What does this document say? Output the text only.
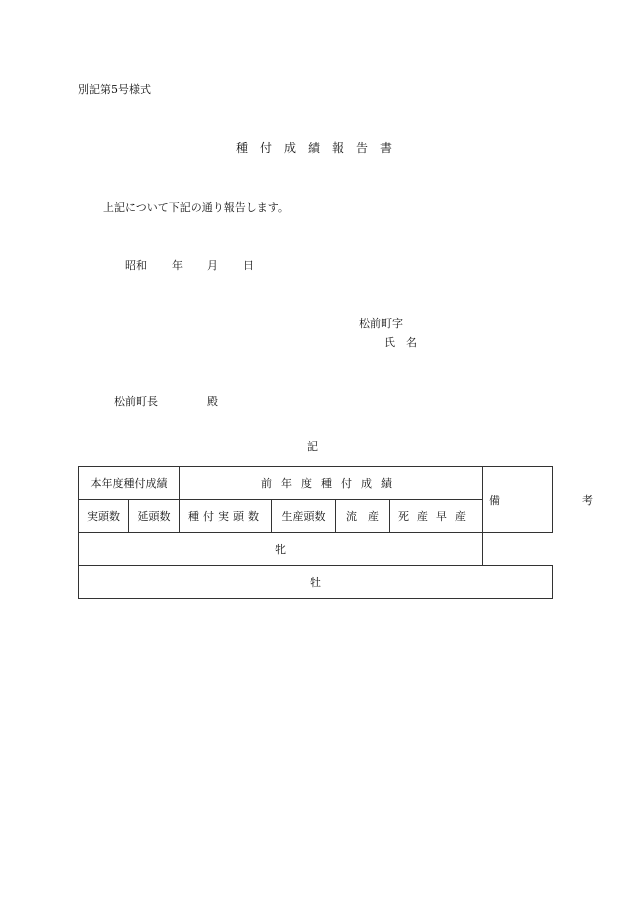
別記第5号様式
種付成績報告書
上記について下記の通り報告します。
昭和 年 月 日
松前町字
氏　名
松前町長	殿
記
本年度種付成績		前年度種付成績				備　　考
実頭数	延頭数	種付実頭数	生産頭数	流　産	死産早産	
牝						
牡						
